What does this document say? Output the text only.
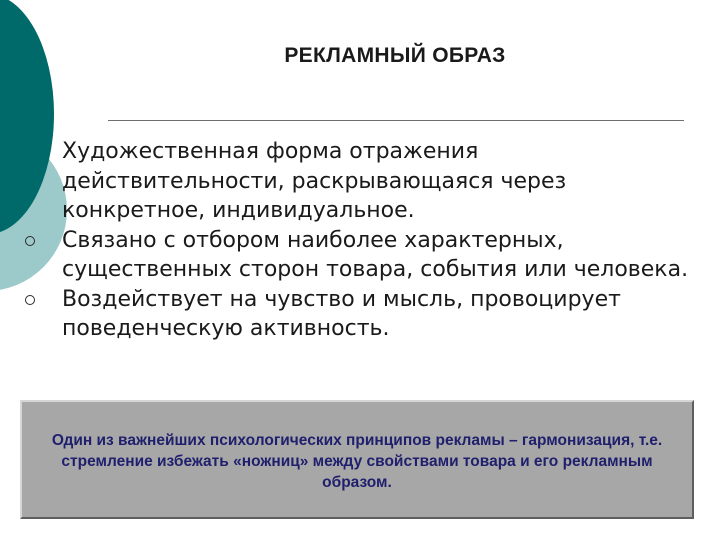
РЕКЛАМНЫЙ ОБРАЗ
Художественная форма отражения действительности, раскрывающаяся через конкретное, индивидуальное.
Связано с отбором наиболее характерных, существенных сторон товара, события или человека.
Воздействует на чувство и мысль, провоцирует поведенческую активность.

Один из важнейших психологических принципов рекламы – гармонизация, т.е. стремление избежать «ножниц» между свойствами товара и его рекламным образом.
